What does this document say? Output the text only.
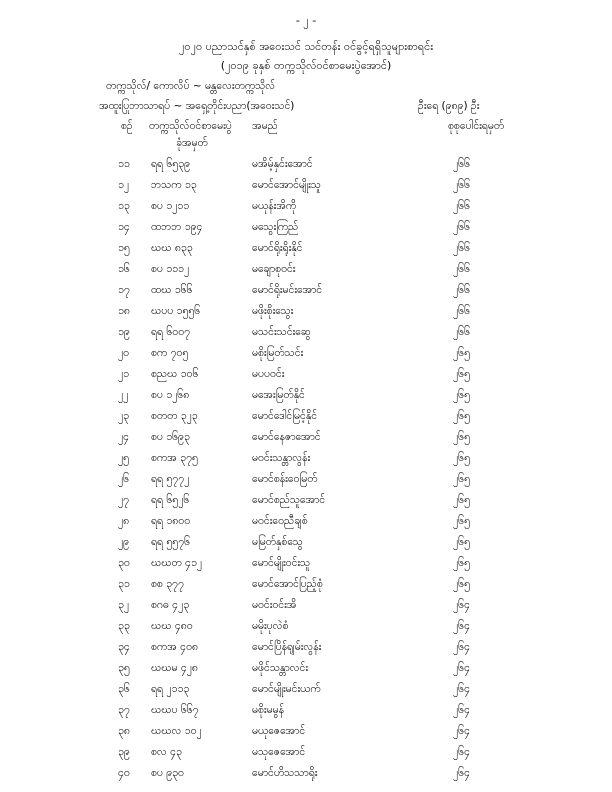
- ၂ -
၂၀၂၀ ပညာသင်နှစ် အဝေးသင် သင်တန်း ဝင်ခွင့်ရရှိသူများစာရင်း
(၂၀၁၉ ခုနှစ် တက္ကသိုလ်ဝင်စာမေးပွဲအောင်)
တက္ကသိုလ်/ ကောလိပ် ~ မန္တလေးတက္ကသိုလ်
အထူးပြုဘာသာရပ် ~ အရှေ့တိုင်းပညာ(အဝေးသင်)	ဦးရေ (၉၈၉) ဦး
စဉ် တက္ကသိုလ်ဝင်စာမေးပွဲ
ခုံအမှတ်
အမည်	စုစုပေါင်းရမှတ်
၁၁ ရရ ၆၅၃၉	မအိမ့်နှင်းအောင်	၂၆၆
၁၂ ဘသက ၁၃	မောင်အောင်မျိုးသူ	၂၆၆
၁၃ စပ ၁၂၁၁	မယုန်းအိကို	၂၆၆
၁၄ ထဘဘ ၁၉၄	မသွေးကြည်	၂၆၆
၁၅ ဃဃ ၈၃၃	မောင်ရိုးရိုးနိုင်	၂၆၆
၁၆ စပ ၁၁၁၂	မချောစုဝင်း	၂၆၆
၁၇ ထဃ ၁၆၆	မောင်ရိုးမင်းအောင်	၂၆၆
၁၈ ဃပပ ၁၅၅၆	မဖိုးစိုးသွေး	၂၆၆
၁၉ ရရ ၆၀၀၇	မသင်းသင်းဆွေ	၂၆၆
၂၀ စက ၇၀၅	မစိုးမြတ်သင်း	၂၆၅
၂၁ စညဃ ၁၀၆	မပပဝင်း	၂၆၅
၂၂ စပ ၁၂၆၈	မအေးမြတ်နိုင်	၂၆၅
၂၃ စတတ ၃၂၃	မောင်ဒေါင်မြင့်နိုင်	၂၆၅
၂၄ စပ ၁၆၉၃	မောင်နေဇာအောင်	၂၆၅
၂၅ စကအ ၃၇၅	မဝင်းသန္တာလွန်း	၂၆၅
၂၆ ရရ ၅၇၇၂	မောင်စန်းဝေမြတ်	၂၆၅
၂၇ ရရ ၆၅၂၆	မောင်စည်သူအောင်	၂၆၅
၂၈ ရရ ၁၈၀၀	မဝင်းဝေညီချစ်	၂၆၅
၂၉ ရရ ၅၅၇၆	မမြတ်နှစ်သွေ	၂၆၅
၃၀ ဃဃတ ၄၁၂	မောင်မျိုးဝင်းသူ	၂၆၅
၃၁ စစ ၃၇၇	မောင်အောင်ပြည့်စုံ	၂၆၅
၃၂ စဂဓ ၄၂၃	မဝင်းဝင်းအိ	၂၆၄
၃၃ ဃဃ ၄၈၀	မမိုးပုလဲစံ	၂၆၄
၃၄ စကအ ၄၀၈	မောင်ပြိန်ရျမ်းလွန်း	၂၆၄
၃၅ ဃဃမ ၄၂၈	မဖိုင်သန္တာလင်း	၂၆၄
၃၆ ရရ ၂၁၁၃	မောင်မျိုးမင်းယက်	၂၆၄
၃၇ ဃဃပ ၆၆၇	မစိုးမမွန်	၂၆၄
၃၈ ဃဃလ ၁၀၂	မယုဇေအောင်	၂၆၄
၃၉ စလ ၄၃	မသုဇေအောင်	၂၆၄
၄၀ စပ ၉၃၀	မောင်ဟိသသာရိုး	၂၆၄
